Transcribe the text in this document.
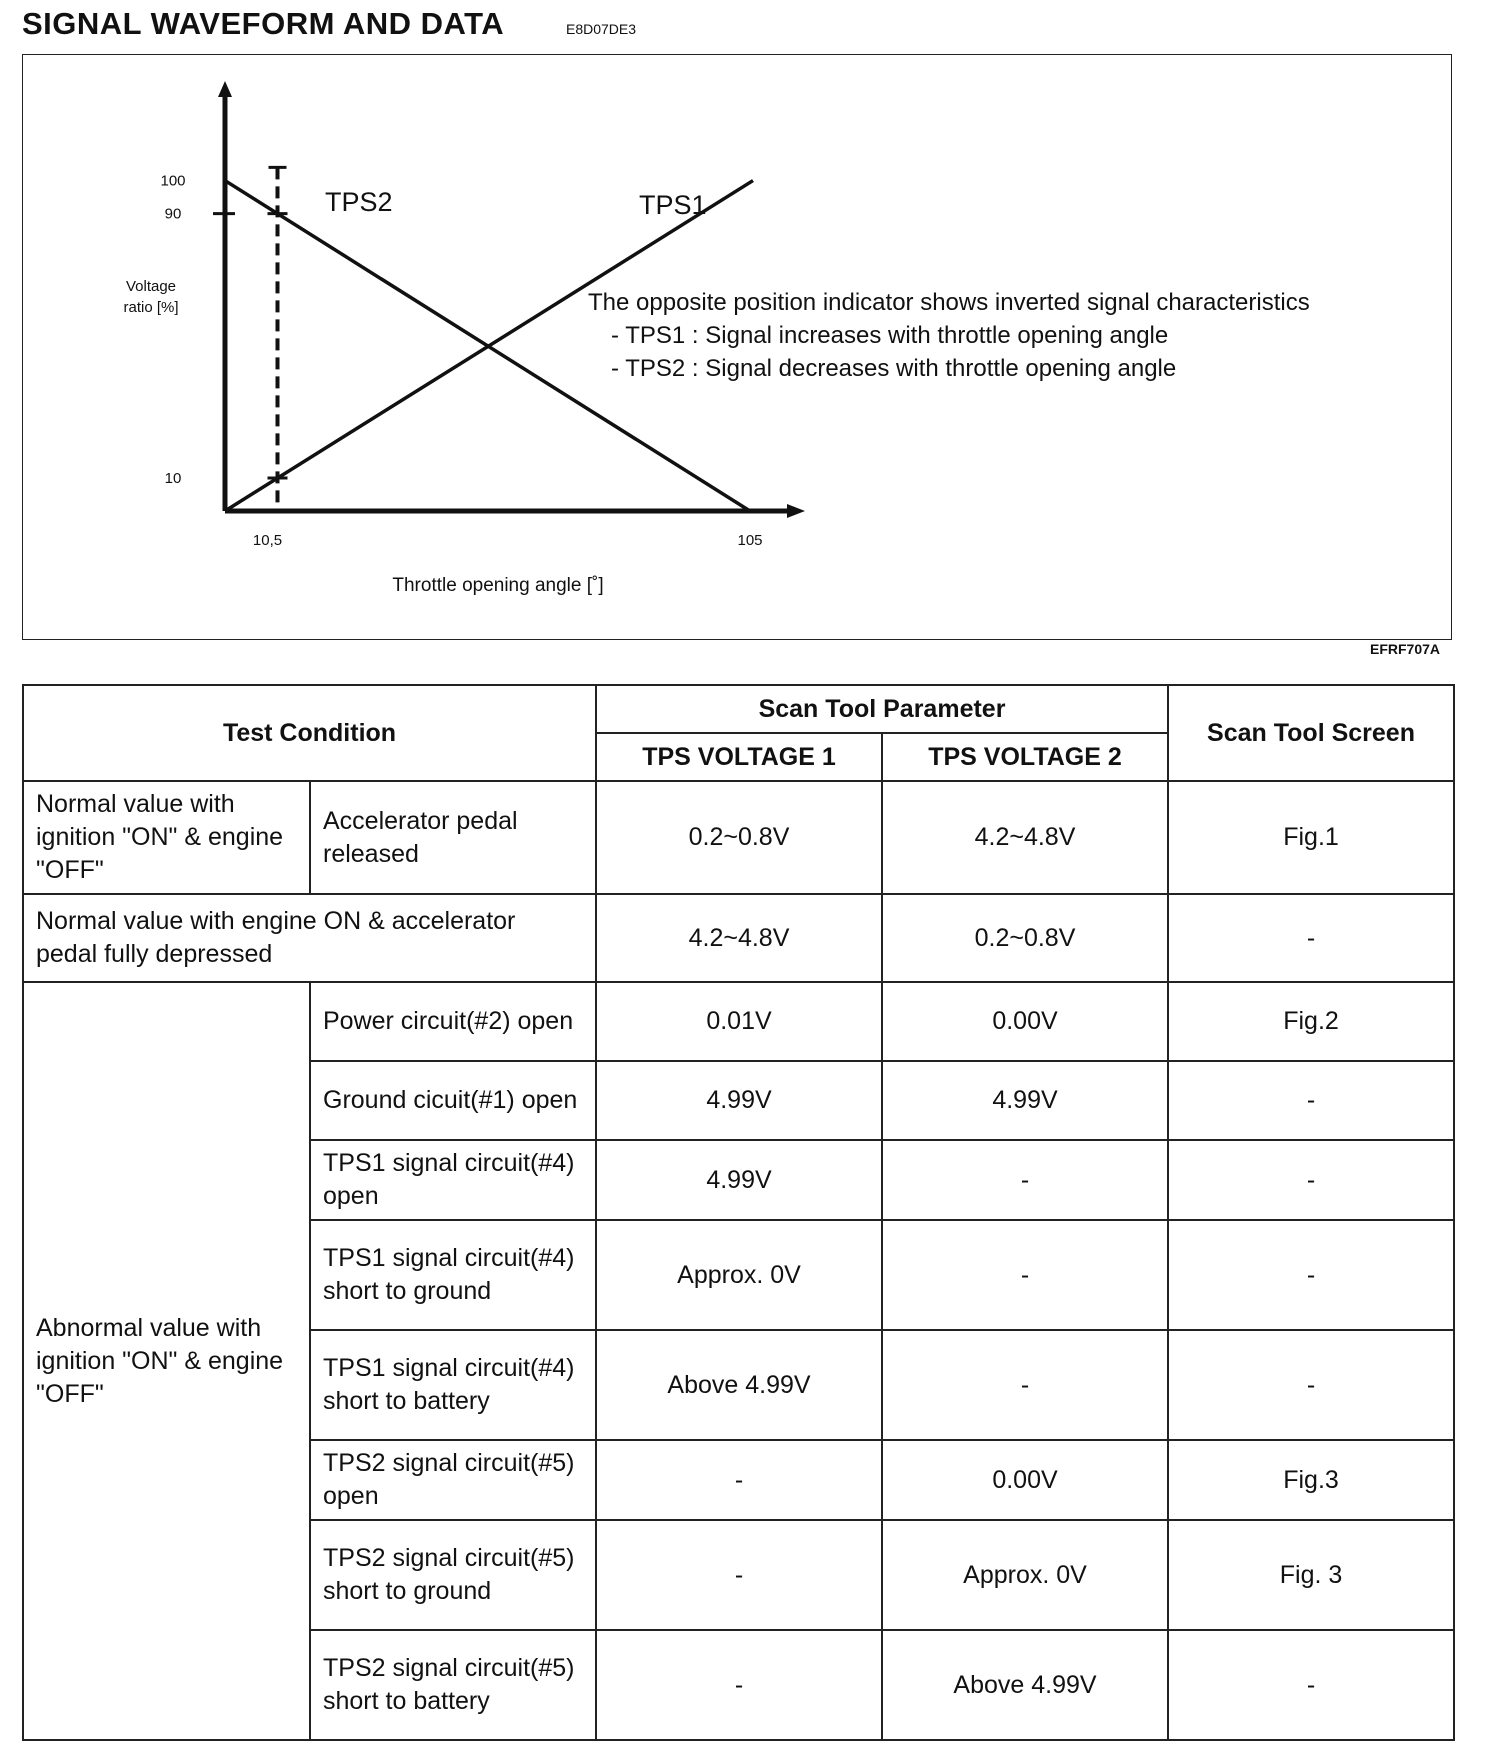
SIGNAL WAVEFORM AND DATA	E8D07DE3
TPS2	TPS1
100
90
10
Voltage
ratio [%]
10,5	105
Throttle opening angle [˚]
The opposite position indicator shows inverted signal characteristics
- TPS1 : Signal increases with throttle opening angle
- TPS2 : Signal decreases with throttle opening angle
EFRF707A
Test Condition		Scan Tool Parameter		Scan Tool Screen
		TPS VOLTAGE 1	TPS VOLTAGE 2	
Normal value with ignition "ON" & engine "OFF"	Accelerator pedal released	0.2~0.8V	4.2~4.8V	Fig.1
Normal value with engine ON & accelerator pedal fully depressed		4.2~4.8V	0.2~0.8V	-
Abnormal value with ignition "ON" & engine "OFF"	Power circuit(#2) open	0.01V	0.00V	Fig.2
	Ground cicuit(#1) open	4.99V	4.99V	-
	TPS1 signal circuit(#4) open	4.99V	-	-
	TPS1 signal circuit(#4) short to ground	Approx. 0V	-	-
	TPS1 signal circuit(#4) short to battery	Above 4.99V	-	-
	TPS2 signal circuit(#5) open	-	0.00V	Fig.3
	TPS2 signal circuit(#5) short to ground	-	Approx. 0V	Fig. 3
	TPS2 signal circuit(#5) short to battery	-	Above 4.99V	-
